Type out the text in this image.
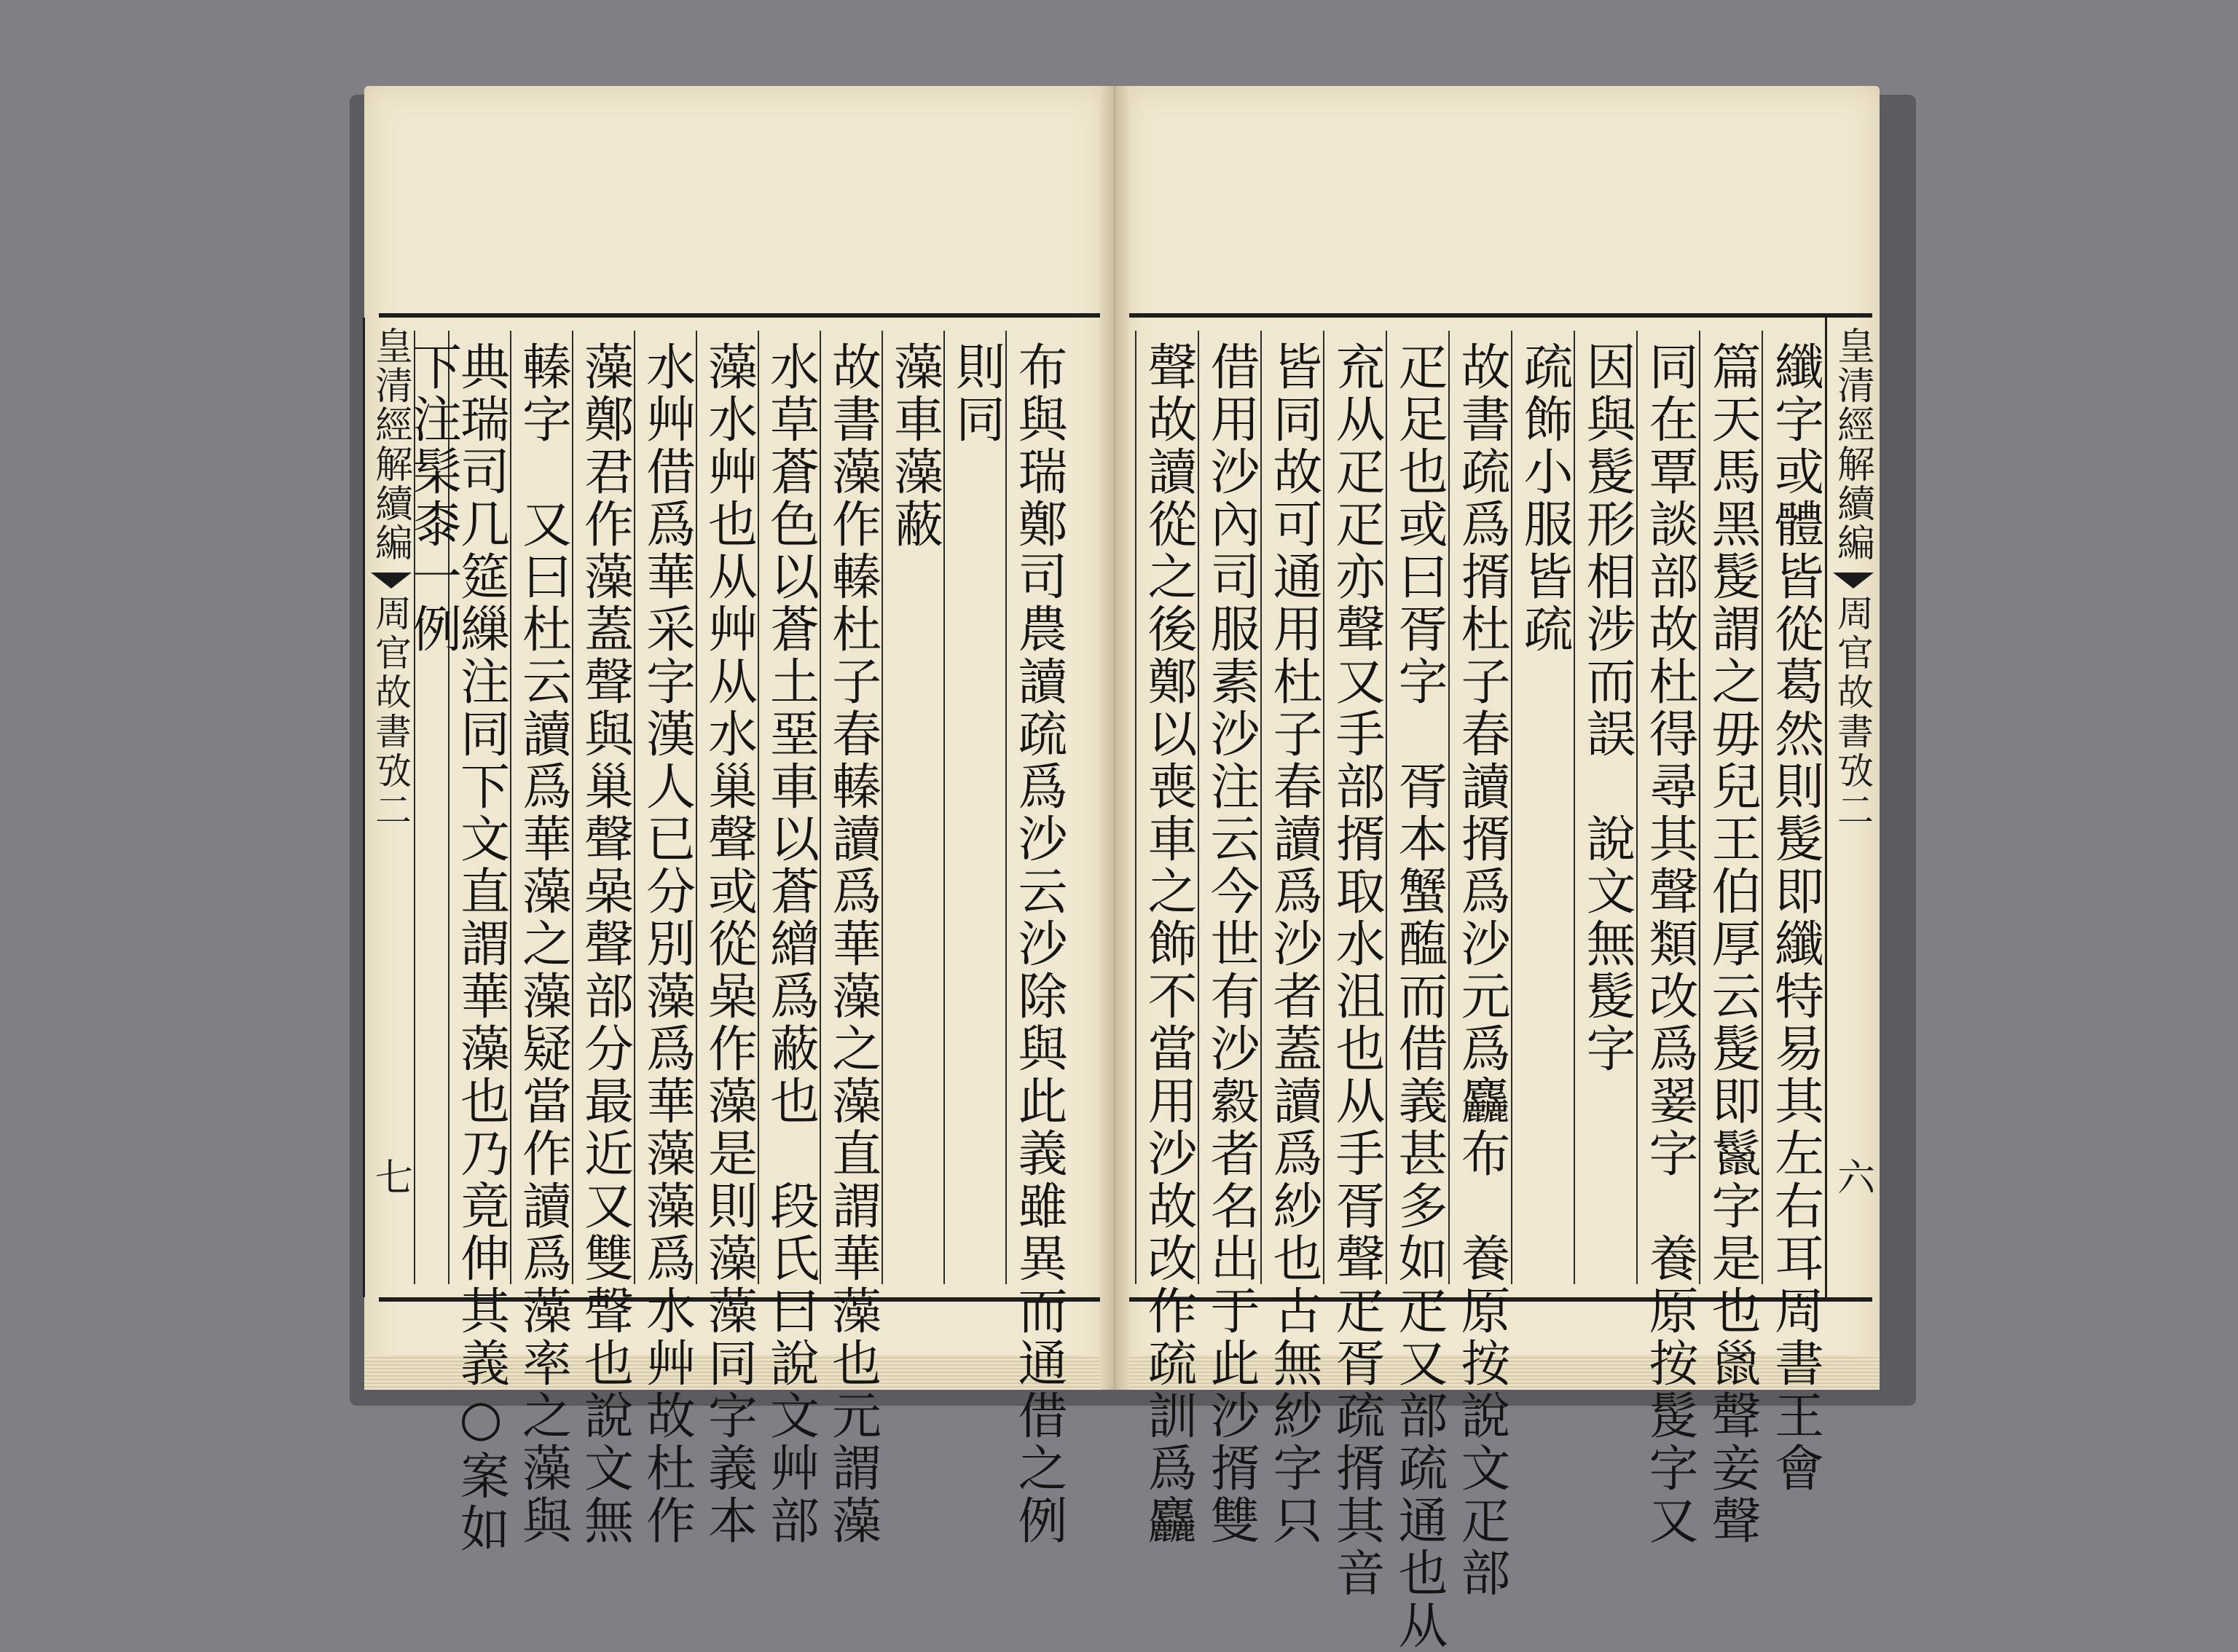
布與瑞鄭司農讀疏爲沙云沙除與此義雖異而通借之例
則同
藻車藻蔽
故書藻作轃杜子春轃讀爲華藻之藻直謂華藻也元謂藻
水草蒼色以蒼土堊車以蒼繒爲蔽也　段氏曰說文艸部
藻水艸也从艸从水巢聲或從喿作藻是則藻藻同字義本
水艸借爲華采字漢人已分別藻爲華藻藻爲水艸故杜作
藻鄭君作藻蓋聲與巢聲喿聲部分最近又雙聲也說文無
轃字　又曰杜云讀爲華藻之藻疑當作讀爲藻率之藻與
典瑞司几筵繅注同下文直謂華藻也乃竟伸其義○案如
下注髤桼一例
皇清經解續編
周官故書攷二
七
皇清經解續編
周官故書攷二
六
纖字或體皆從葛然則髲即纖特易其左右耳周書王會
篇天馬黑髲謂之毋兒王伯厚云髲即鬣字是也巤聲妾聲
同在覃談部故杜得尋其聲類改爲翣字　養原按髲字又
因與髲形相涉而誤　說文無髲字
疏飾小服皆疏
故書疏爲揟杜子春讀揟爲沙元爲麤布　養原按說文疋部
疋足也或曰胥字　胥本蟹醢而借義甚多如疋又部疏通也从
㐬从疋疋亦聲又手部揟取水沮也从手胥聲疋胥疏揟其音
皆同故可通用杜子春讀爲沙者蓋讀爲紗也古無紗字只
借用沙內司服素沙注云今世有沙縠者名出于此沙揟雙
聲故讀從之後鄭以喪車之飾不當用沙故改作疏訓爲麤
